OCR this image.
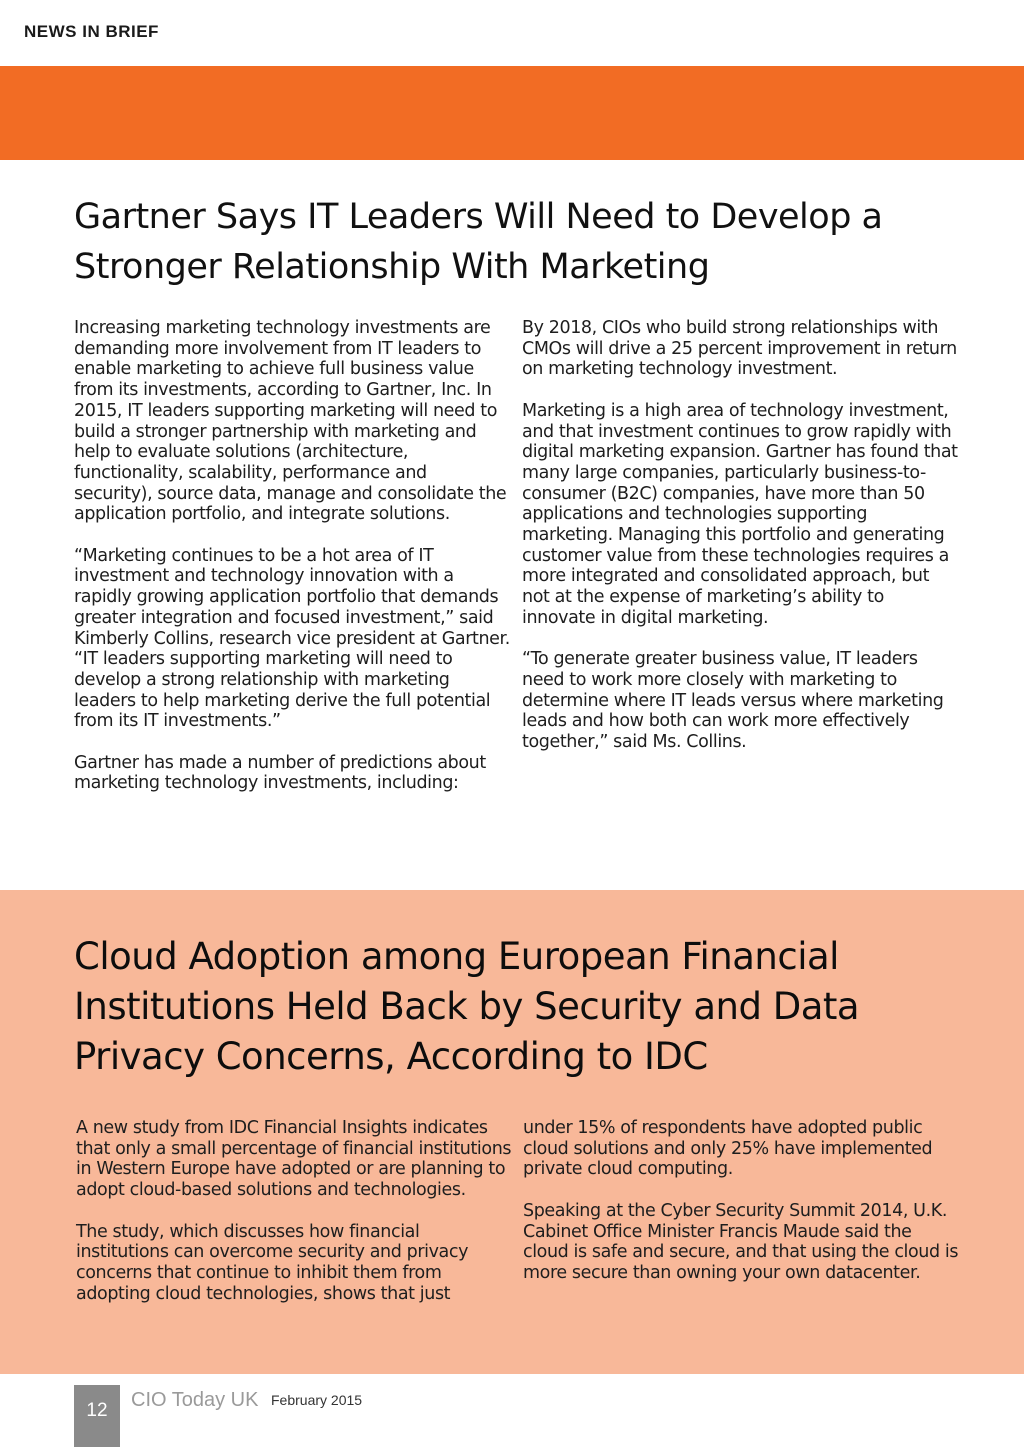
NEWS IN BRIEF
Gartner Says IT Leaders Will Need to Develop a Stronger Relationship With Marketing

Increasing marketing technology investments are demanding more involvement from IT leaders to enable marketing to achieve full business value from its investments, according to Gartner, Inc. In 2015, IT leaders supporting marketing will need to build a stronger partnership with marketing and help to evaluate solutions (architecture, functionality, scalability, performance and security), source data, manage and consolidate the application portfolio, and integrate solutions.

“Marketing continues to be a hot area of IT investment and technology innovation with a rapidly growing application portfolio that demands greater integration and focused investment,” said Kimberly Collins, research vice president at Gartner. “IT leaders supporting marketing will need to develop a strong relationship with marketing leaders to help marketing derive the full potential from its IT investments.”

Gartner has made a number of predictions about marketing technology investments, including:

By 2018, CIOs who build strong relationships with CMOs will drive a 25 percent improvement in return on marketing technology investment.

Marketing is a high area of technology investment, and that investment continues to grow rapidly with digital marketing expansion. Gartner has found that many large companies, particularly business-to-consumer (B2C) companies, have more than 50 applications and technologies supporting marketing. Managing this portfolio and generating customer value from these technologies requires a more integrated and consolidated approach, but not at the expense of marketing’s ability to innovate in digital marketing.

“To generate greater business value, IT leaders need to work more closely with marketing to determine where IT leads versus where marketing leads and how both can work more effectively together,” said Ms. Collins.

Cloud Adoption among European Financial Institutions Held Back by Security and Data Privacy Concerns, According to IDC

A new study from IDC Financial Insights indicates that only a small percentage of financial institutions in Western Europe have adopted or are planning to adopt cloud-based solutions and technologies.

The study, which discusses how financial institutions can overcome security and privacy concerns that continue to inhibit them from adopting cloud technologies, shows that just

under 15% of respondents have adopted public cloud solutions and only 25% have implemented private cloud computing.

Speaking at the Cyber Security Summit 2014, U.K. Cabinet Office Minister Francis Maude said the cloud is safe and secure, and that using the cloud is more secure than owning your own datacenter.

12	CIO Today UK February 2015
